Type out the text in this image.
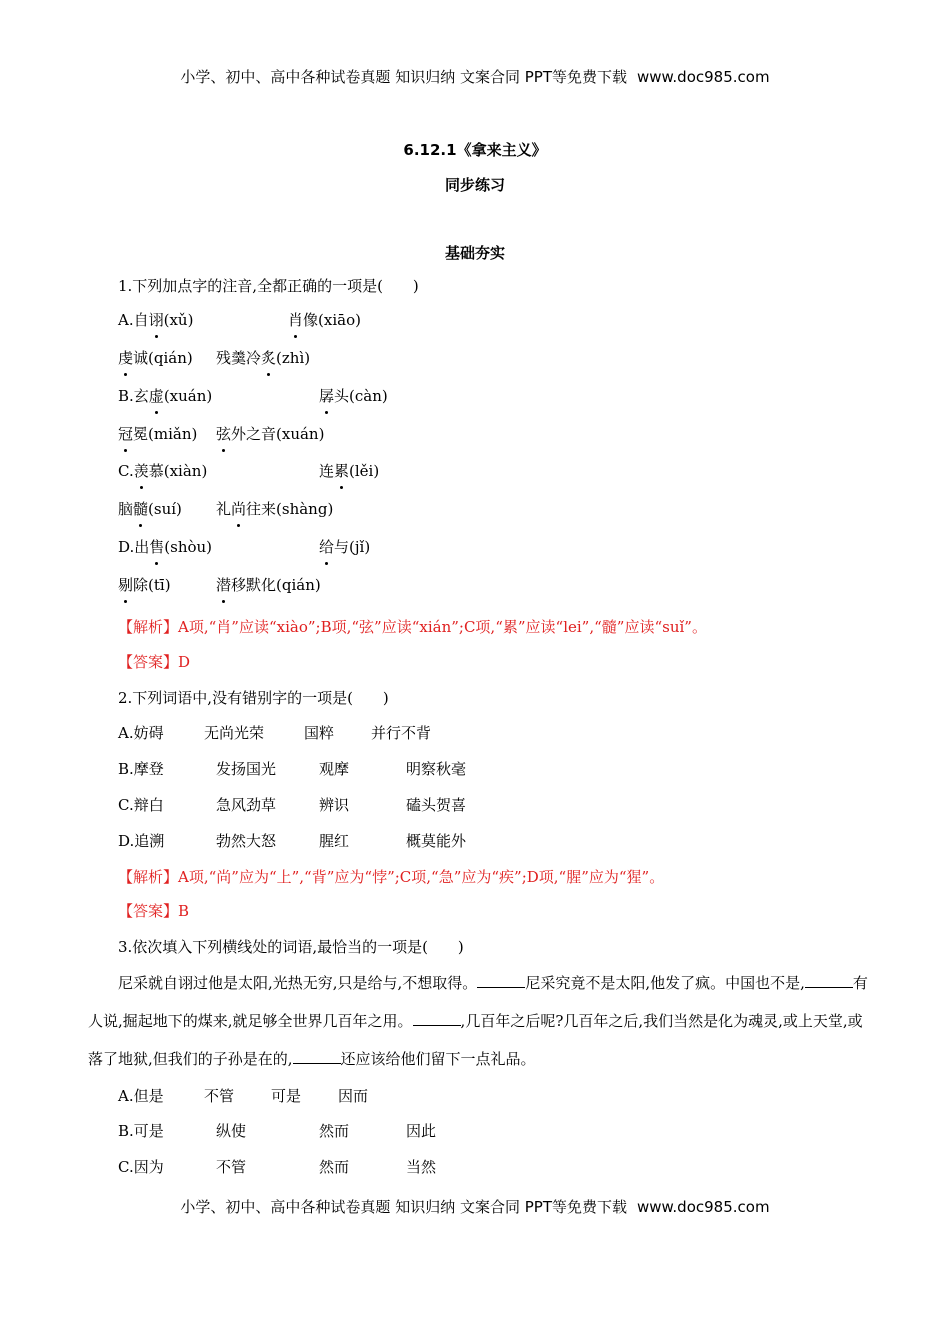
小学、初中、高中各种试卷真题 知识归纳 文案合同 PPT等免费下载 www.doc985.com
6.12.1《拿来主义》
同步练习
基础夯实
1.下列加点字的注音,全都正确的一项是(　　)
A.自诩(xǔ)	肖像(xiāo)
虔诚(qián) 残羹冷炙(zhì)
B.玄虚(xuán)	孱头(càn)
冠冕(miǎn) 弦外之音(xuán)
C.羡慕(xiàn)	连累(lěi)
脑髓(suí) 礼尚往来(shàng)
D.出售(shòu)	给与(jǐ)
剔除(tī)	潜移默化(qián)
【解析】A项,“肖”应读“xiào”;B项,“弦”应读“xián”;C项,“累”应读“lei”,“髓”应读“suǐ”。
【答案】D
2.下列词语中,没有错别字的一项是(　　)
A.妨碍	无尚光荣	国粹 并行不背
B.摩登	发扬国光	观摩	明察秋毫
C.辩白	急风劲草	辨识	磕头贺喜
D.追溯	勃然大怒	腥红	概莫能外
【解析】A项,“尚”应为“上”,“背”应为“悖”;C项,“急”应为“疾”;D项,“腥”应为“猩”。
【答案】B
3.依次填入下列横线处的词语,最恰当的一项是(　　)
尼采就自诩过他是太阳,光热无穷,只是给与,不想取得。	尼采究竟不是太阳,他发了疯。中国也不是,	有人说,掘起地下的煤来,就足够全世界几百年之用。	,几百年之后呢?几百年之后,我们当然是化为魂灵,或上天堂,或落了地狱,但我们的子孙是在的,	还应该给他们留下一点礼品。
A.但是	不管 可是 因而
B.可是	纵使	然而	因此
C.因为	不管	然而	当然
小学、初中、高中各种试卷真题 知识归纳 文案合同 PPT等免费下载 www.doc985.com
